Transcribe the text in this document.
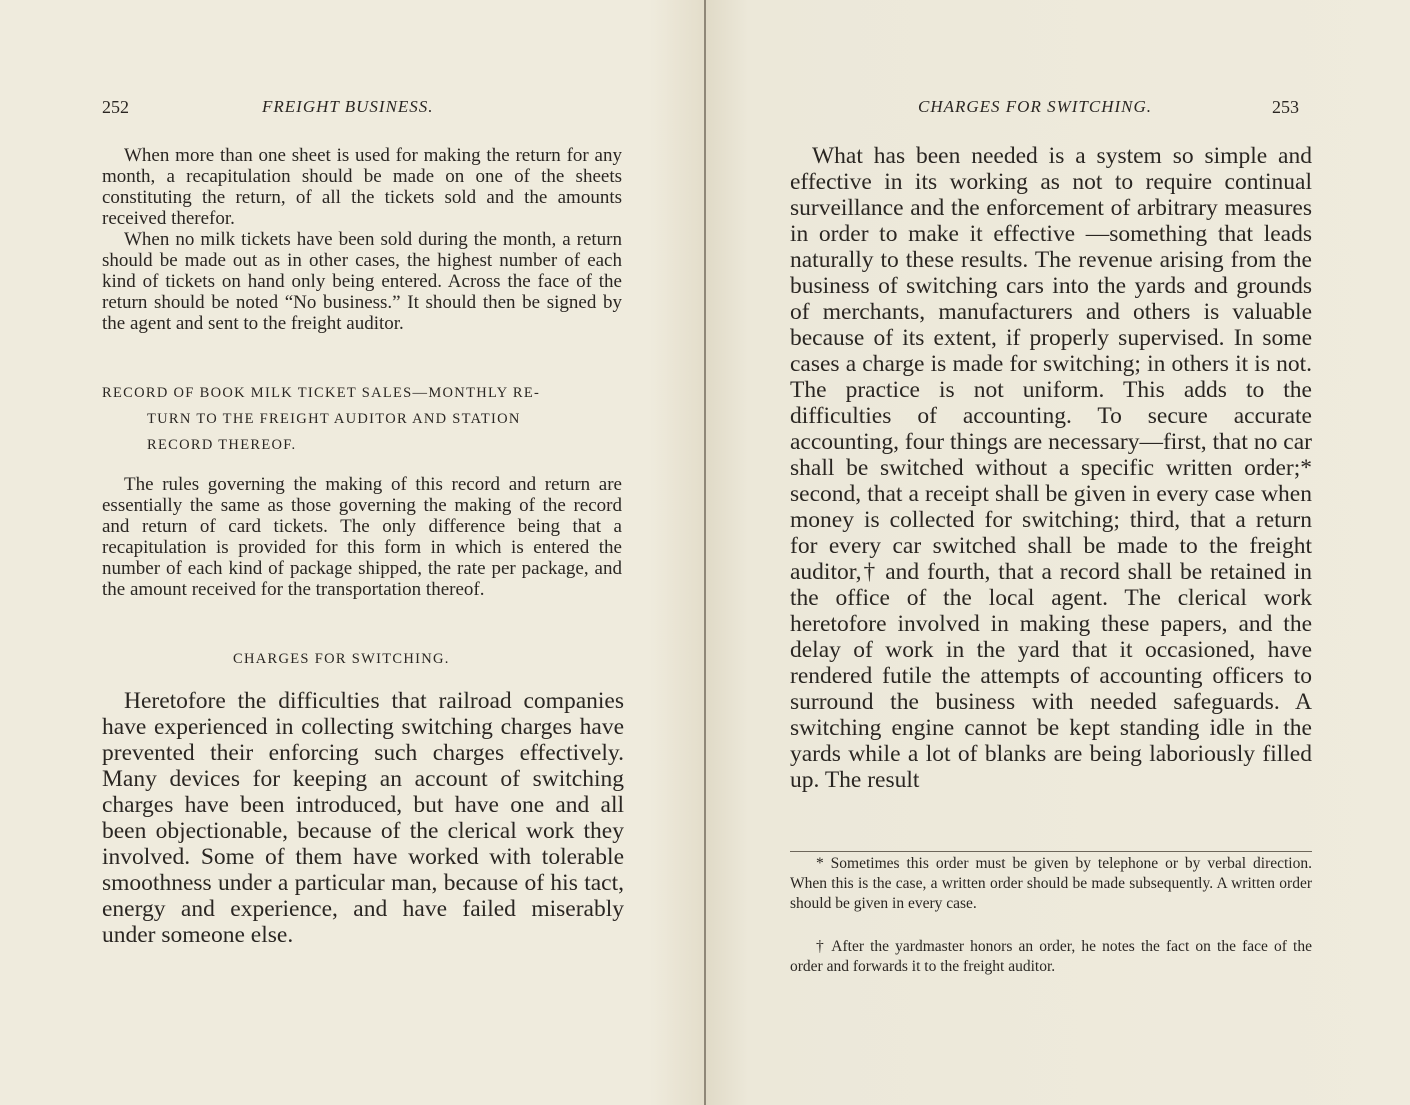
252	FREIGHT BUSINESS.

When more than one sheet is used for making the return for any month, a recapitulation should be made on one of the sheets constituting the return, of all the tickets sold and the amounts received therefor.

When no milk tickets have been sold during the month, a return should be made out as in other cases, the highest number of each kind of tickets on hand only being entered. Across the face of the return should be noted “No business.” It should then be signed by the agent and sent to the freight auditor.

RECORD OF BOOK MILK TICKET SALES—MONTHLY RE-
TURN TO THE FREIGHT AUDITOR AND STATION
RECORD THEREOF.

The rules governing the making of this record and return are essentially the same as those governing the making of the record and return of card tickets. The only difference being that a recapitulation is provided for this form in which is entered the number of each kind of package shipped, the rate per package, and the amount received for the transportation thereof.

CHARGES FOR SWITCHING.

Heretofore the difficulties that railroad companies have experienced in collecting switching charges have prevented their enforcing such charges effectively. Many devices for keeping an account of switching charges have been introduced, but have one and all been objectionable, because of the clerical work they involved. Some of them have worked with tolerable smoothness under a particular man, because of his tact, energy and experience, and have failed miserably under someone else.

CHARGES FOR SWITCHING.	253

What has been needed is a system so simple and effective in its working as not to require continual surveillance and the enforcement of arbitrary measures in order to make it effective —something that leads naturally to these results. The revenue arising from the business of switching cars into the yards and grounds of merchants, manufacturers and others is valuable because of its extent, if properly supervised. In some cases a charge is made for switching; in others it is not. The practice is not uniform. This adds to the difficulties of accounting. To secure accurate accounting, four things are necessary—first, that no car shall be switched without a specific written order;* second, that a receipt shall be given in every case when money is collected for switching; third, that a return for every car switched shall be made to the freight auditor,† and fourth, that a record shall be retained in the office of the local agent. The clerical work heretofore involved in making these papers, and the delay of work in the yard that it occasioned, have rendered futile the attempts of accounting officers to surround the business with needed safeguards. A switching engine cannot be kept standing idle in the yards while a lot of blanks are being laboriously filled up. The result

* Sometimes this order must be given by telephone or by verbal direction. When this is the case, a written order should be made subsequently. A written order should be given in every case.

† After the yardmaster honors an order, he notes the fact on the face of the order and forwards it to the freight auditor.
